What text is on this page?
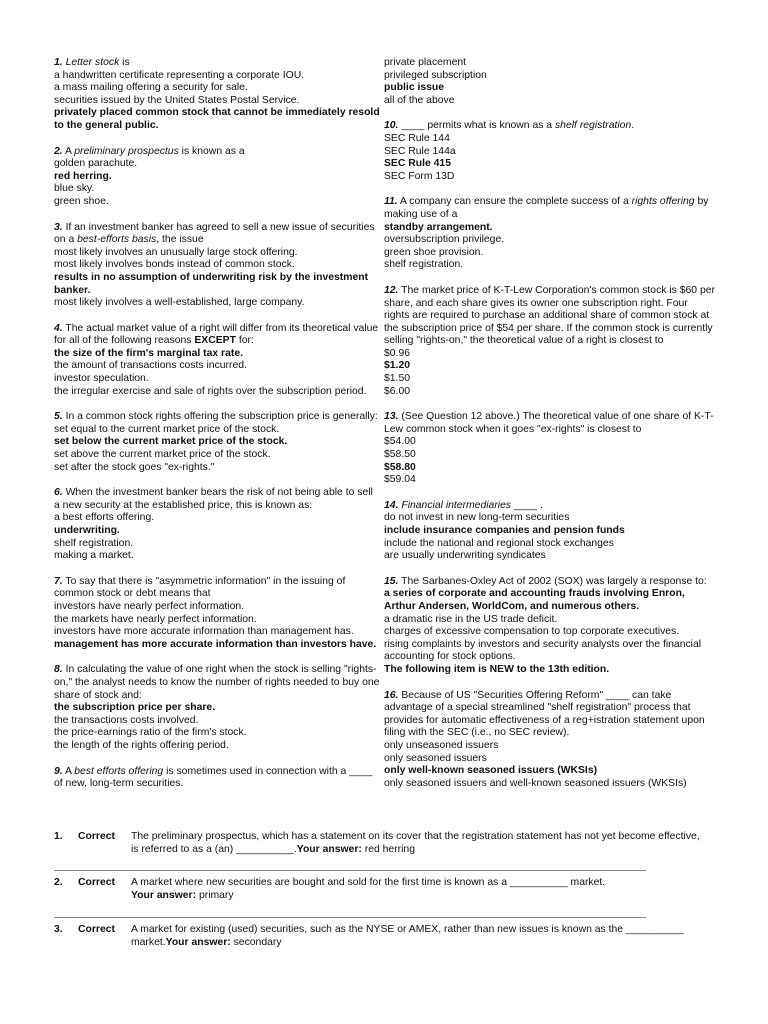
1. Letter stock is

a handwritten certificate representing a corporate IOU.

a mass mailing offering a security for sale.

securities issued by the United States Postal Service.

privately placed common stock that cannot be immediately resold to the general public.

2. A preliminary prospectus is known as a

golden parachute.

red herring.

blue sky.

green shoe.

3. If an investment banker has agreed to sell a new issue of securities on a best-efforts basis, the issue

most likely involves an unusually large stock offering.

most likely involves bonds instead of common stock.

results in no assumption of underwriting risk by the investment banker.

most likely involves a well-established, large company.

4. The actual market value of a right will differ from its theoretical value for all of the following reasons EXCEPT for:

the size of the firm's marginal tax rate.

the amount of transactions costs incurred.

investor speculation.

the irregular exercise and sale of rights over the subscription period.

5. In a common stock rights offering the subscription price is generally:

set equal to the current market price of the stock.

set below the current market price of the stock.

set above the current market price of the stock.

set after the stock goes "ex-rights."

6. When the investment banker bears the risk of not being able to sell a new security at the established price, this is known as:

a best efforts offering.

underwriting.

shelf registration.

making a market.

7. To say that there is "asymmetric information" in the issuing of common stock or debt means that

investors have nearly perfect information.

the markets have nearly perfect information.

investors have more accurate information than management has.

management has more accurate information than investors have.

8. In calculating the value of one right when the stock is selling "rights-on," the analyst needs to know the number of rights needed to buy one share of stock and:

the subscription price per share.

the transactions costs involved.

the price-earnings ratio of the firm's stock.

the length of the rights offering period.

9. A best efforts offering is sometimes used in connection with a ____ of new, long-term securities.

private placement

privileged subscription

public issue

all of the above

10. ____ permits what is known as a shelf registration.

SEC Rule 144

SEC Rule 144a

SEC Rule 415

SEC Form 13D

11. A company can ensure the complete success of a rights offering by making use of a

standby arrangement.

oversubscription privilege.

green shoe provision.

shelf registration.

12. The market price of K-T-Lew Corporation's common stock is $60 per share, and each share gives its owner one subscription right. Four rights are required to purchase an additional share of common stock at the subscription price of $54 per share. If the common stock is currently selling "rights-on," the theoretical value of a right is closest to

$0.96

$1.20

$1.50

$6.00

13. (See Question 12 above.) The theoretical value of one share of K-T-Lew common stock when it goes "ex-rights" is closest to

$54.00

$58.50

$58.80

$59.04

14. Financial intermediaries ____ .

do not invest in new long-term securities

include insurance companies and pension funds

include the national and regional stock exchanges

are usually underwriting syndicates

15. The Sarbanes-Oxley Act of 2002 (SOX) was largely a response to:

a series of corporate and accounting frauds involving Enron, Arthur Andersen, WorldCom, and numerous others.

a dramatic rise in the US trade deficit.

charges of excessive compensation to top corporate executives.

rising complaints by investors and security analysts over the financial accounting for stock options.

The following item is NEW to the 13th edition.

16. Because of US "Securities Offering Reform" ____ can take advantage of a special streamlined "shelf registration" process that provides for automatic effectiveness of a reg+istration statement upon filing with the SEC (i.e., no SEC review).

only unseasoned issuers

only seasoned issuers

only well-known seasoned issuers (WKSIs)

only seasoned issuers and well-known seasoned issuers (WKSIs)

1.	Correct The preliminary prospectus, which has a statement on its cover that the registration statement has not yet become effective, is referred to as a (an) __________.Your answer: red herring
2.	Correct A market where new securities are bought and sold for the first time is known as a __________ market.
Your answer: primary
3.	Correct A market for existing (used) securities, such as the NYSE or AMEX, rather than new issues is known as the __________ market.Your answer: secondary
